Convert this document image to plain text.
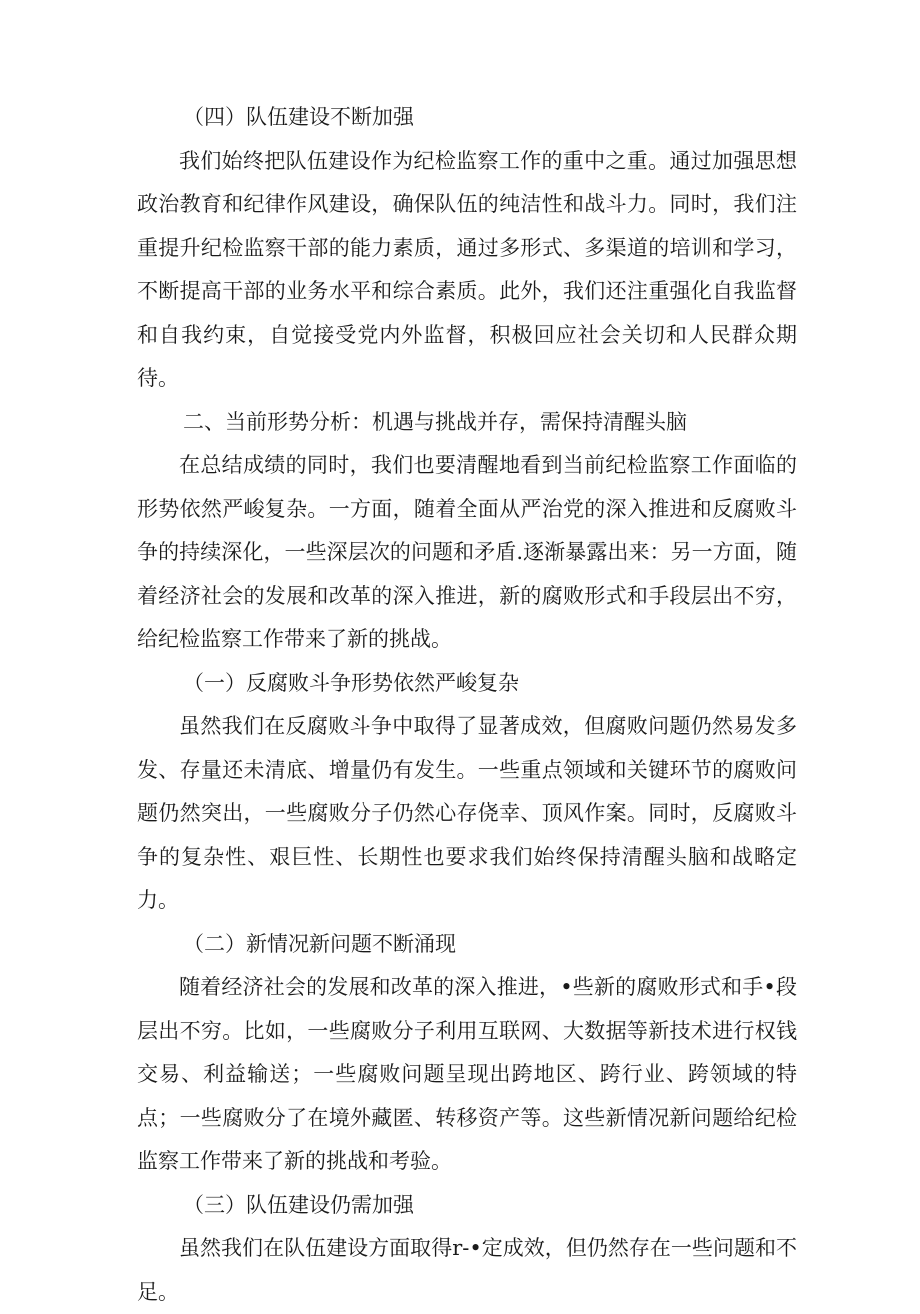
（四）队伍建设不断加强

我们始终把队伍建设作为纪检监察工作的重中之重。通过加强思想政治教育和纪律作风建设，确保队伍的纯洁性和战斗力。同时，我们注重提升纪检监察干部的能力素质，通过多形式、多渠道的培训和学习，不断提高干部的业务水平和综合素质。此外，我们还注重强化自我监督和自我约束，自觉接受党内外监督，积极回应社会关切和人民群众期待。

二、当前形势分析：机遇与挑战并存，需保持清醒头脑

在总结成绩的同时，我们也要清醒地看到当前纪检监察工作面临的形势依然严峻复杂。一方面，随着全面从严治党的深入推进和反腐败斗争的持续深化，一些深层次的问题和矛盾.逐渐暴露出来：另一方面，随着经济社会的发展和改革的深入推进，新的腐败形式和手段层出不穷，给纪检监察工作带来了新的挑战。

（一）反腐败斗争形势依然严峻复杂

虽然我们在反腐败斗争中取得了显著成效，但腐败问题仍然易发多发、存量还未清底、增量仍有发生。一些重点领域和关键环节的腐败问题仍然突出，一些腐败分子仍然心存侥幸、顶风作案。同时，反腐败斗争的复杂性、艰巨性、长期性也要求我们始终保持清醒头脑和战略定力。

（二）新情况新问题不断涌现

随着经济社会的发展和改革的深入推进，•些新的腐败形式和手•段层出不穷。比如，一些腐败分子利用互联网、大数据等新技术进行权钱交易、利益输送；一些腐败问题呈现出跨地区、跨行业、跨领域的特点；一些腐败分了在境外藏匿、转移资产等。这些新情况新问题给纪检监察工作带来了新的挑战和考验。

（三）队伍建设仍需加强

虽然我们在队伍建设方面取得r-•定成效，但仍然存在一些问题和不足。
